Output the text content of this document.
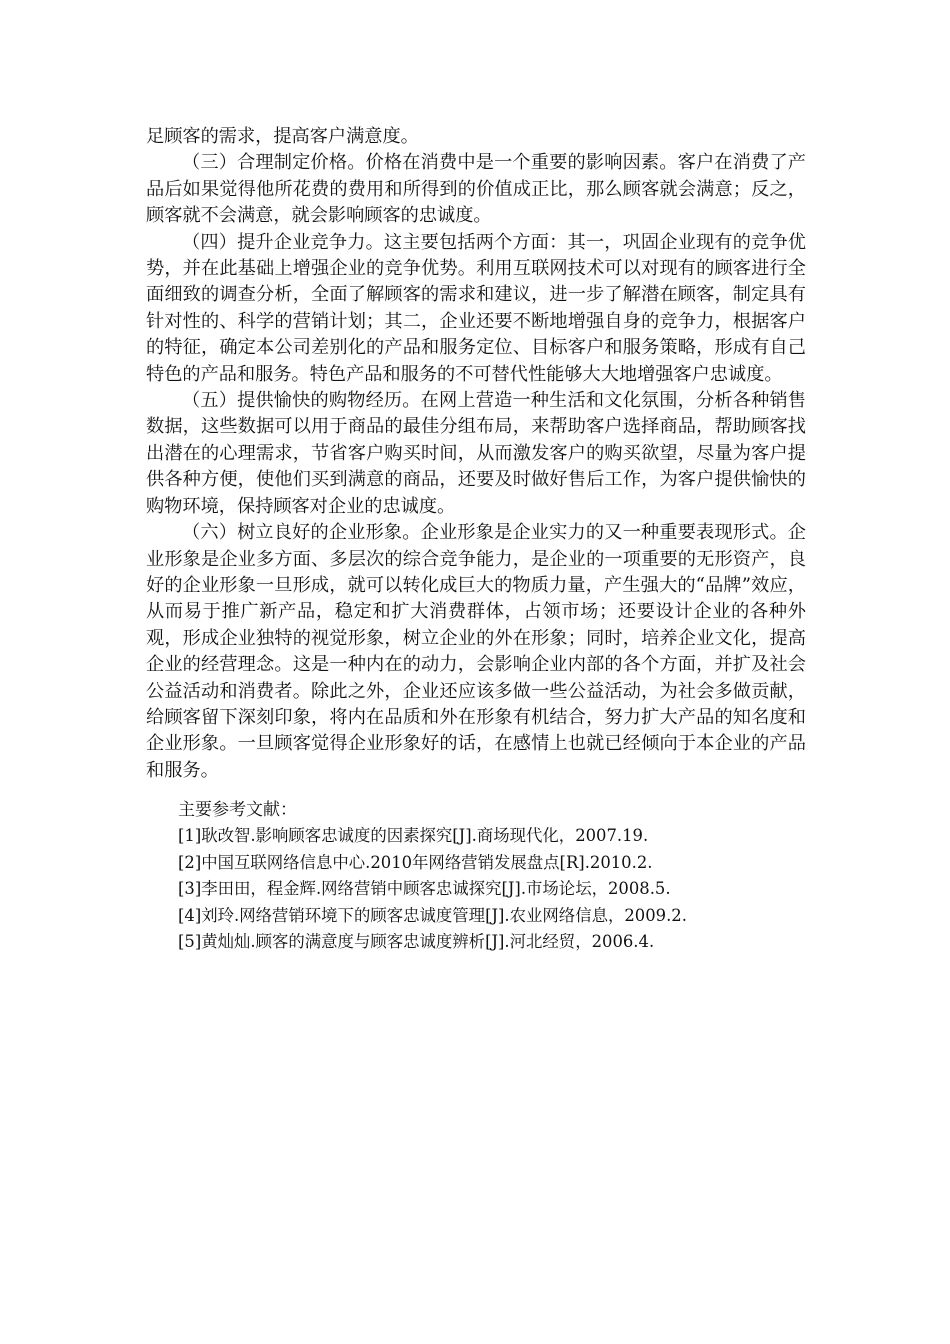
足顾客的需求，提高客户满意度。

（三）合理制定价格。价格在消费中是一个重要的影响因素。客户在消费了产品后如果觉得他所花费的费用和所得到的价值成正比，那么顾客就会满意；反之，顾客就不会满意，就会影响顾客的忠诚度。

（四）提升企业竞争力。这主要包括两个方面：其一，巩固企业现有的竞争优势，并在此基础上增强企业的竞争优势。利用互联网技术可以对现有的顾客进行全面细致的调查分析，全面了解顾客的需求和建议，进一步了解潜在顾客，制定具有针对性的、科学的营销计划；其二，企业还要不断地增强自身的竞争力，根据客户的特征，确定本公司差别化的产品和服务定位、目标客户和服务策略，形成有自己特色的产品和服务。特色产品和服务的不可替代性能够大大地增强客户忠诚度。

（五）提供愉快的购物经历。在网上营造一种生活和文化氛围，分析各种销售数据，这些数据可以用于商品的最佳分组布局，来帮助客户选择商品，帮助顾客找出潜在的心理需求，节省客户购买时间，从而激发客户的购买欲望，尽量为客户提供各种方便，使他们买到满意的商品，还要及时做好售后工作，为客户提供愉快的购物环境，保持顾客对企业的忠诚度。

（六）树立良好的企业形象。企业形象是企业实力的又一种重要表现形式。企业形象是企业多方面、多层次的综合竞争能力，是企业的一项重要的无形资产，良好的企业形象一旦形成，就可以转化成巨大的物质力量，产生强大的“品牌”效应，从而易于推广新产品，稳定和扩大消费群体，占领市场；还要设计企业的各种外观，形成企业独特的视觉形象，树立企业的外在形象；同时，培养企业文化，提高企业的经营理念。这是一种内在的动力，会影响企业内部的各个方面，并扩及社会公益活动和消费者。除此之外，企业还应该多做一些公益活动，为社会多做贡献，给顾客留下深刻印象，将内在品质和外在形象有机结合，努力扩大产品的知名度和企业形象。一旦顾客觉得企业形象好的话，在感情上也就已经倾向于本企业的产品和服务。

主要参考文献：

[1]耿改智.影响顾客忠诚度的因素探究[J].商场现代化，2007.19.
[2]中国互联网络信息中心.2010年网络营销发展盘点[R].2010.2.
[3]李田田，程金辉.网络营销中顾客忠诚探究[J].市场论坛，2008.5.
[4]刘玲.网络营销环境下的顾客忠诚度管理[J].农业网络信息，2009.2.
[5]黄灿灿.顾客的满意度与顾客忠诚度辨析[J].河北经贸，2006.4.
